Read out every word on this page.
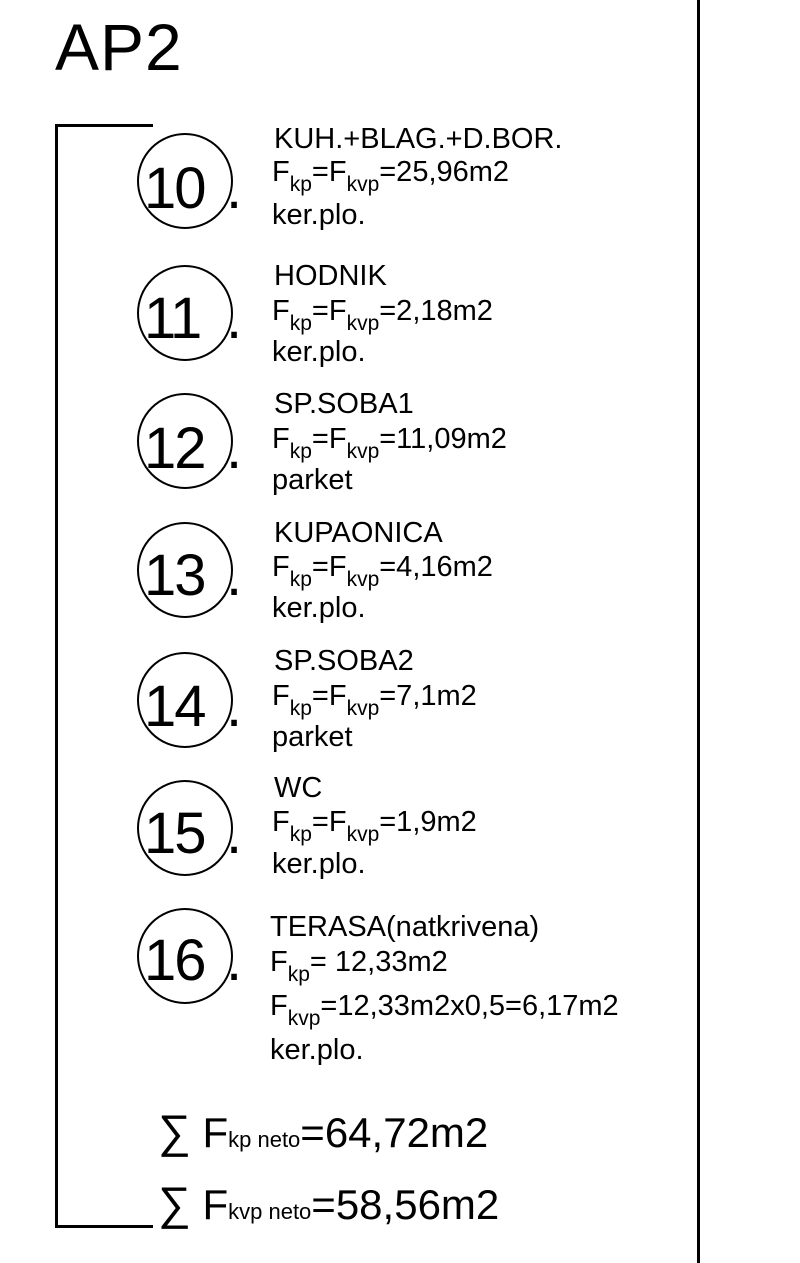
AP2
10 .
KUH.+BLAG.+D.BOR.
$F_{kp}=F_{kvp}=25,96m2$
ker.plo.
11 .
HODNIK
$F_{kp}=F_{kvp}=2,18m2$
ker.plo.
12 .
SP.SOBA1
$F_{kp}=F_{kvp}=11,09m2$
parket
13 .
KUPAONICA
$F_{kp}=F_{kvp}=4,16m2$
ker.plo.
14 .
SP.SOBA2
$F_{kp}=F_{kvp}=7,1m2$
parket
15 .
WC
$F_{kp}=F_{kvp}=1,9m2$
ker.plo.
16 .
TERASA(natkrivena)
$F_{kp}= 12,33m2$
$F_{kvp}=12,33m2x0,5=6,17m2$
ker.plo.
∑ Fkp neto=64,72m2
∑ Fkvp neto=58,56m2
